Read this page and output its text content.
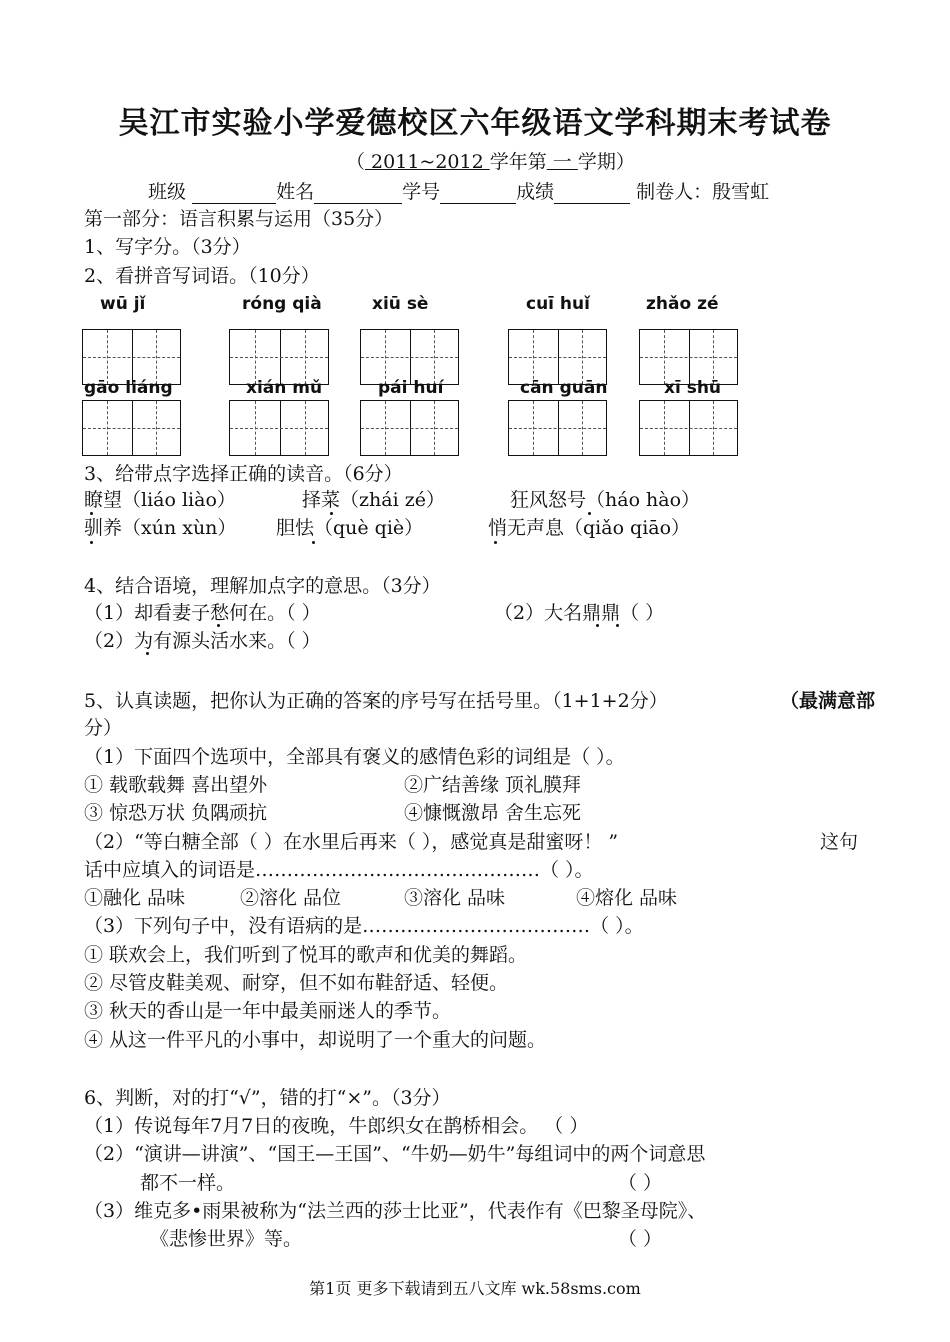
吴江市实验小学爱德校区六年级语文学科期末考试卷
（ 2011~2012 学年第 一 学期）
班级	姓名	学号	成绩	制卷人：殷雪虹
第一部分：语言积累与运用（35分）
1、写字分。（3分）
2、看拼音写词语。（10分）
wū jǐ	róng qià	xiū sè	cuī huǐ	zhǎo zé
gāo liáng	xián mǔ	pái huí	cān guān	xī shū
3、给带点字选择正确的读音。（6分）
瞭望（liáo liào）	择菜（zhái zé）	狂风怒号（háo hào）
驯养（xún xùn） 胆怯（què qiè）	悄无声息（qiǎo qiāo）
4、结合语境，理解加点字的意思。（3分）
（1）却看妻子愁何在。（ ）	（2）大名鼎鼎（ ）
（2）为有源头活水来。（ ）
5、认真读题，把你认为正确的答案的序号写在括号里。（1+1+2分）	（最满意部
分）
（1）下面四个选项中，全部具有褒义的感情色彩的词组是（ ）。
① 载歌载舞 喜出望外	②广结善缘 顶礼膜拜
③ 惊恐万状 负隅顽抗	④慷慨激昂 舍生忘死
（2）“等白糖全部（ ）在水里后再来（ ），感觉真是甜蜜呀！ ”	这句
话中应填入的词语是………………………………………（ ）。
①融化 品味	②溶化 品位	③溶化 品味	④熔化 品味
（3）下列句子中，没有语病的是………………………………（ ）。
① 联欢会上，我们听到了悦耳的歌声和优美的舞蹈。
② 尽管皮鞋美观、耐穿，但不如布鞋舒适、轻便。
③ 秋天的香山是一年中最美丽迷人的季节。
④ 从这一件平凡的小事中，却说明了一个重大的问题。
6、判断，对的打“√”，错的打“×”。（3分）
（1）传说每年7月7日的夜晚，牛郎织女在鹊桥相会。 （ ）
（2）“演讲—讲演”、“国王—王国”、“牛奶—奶牛”每组词中的两个词意思
都不一样。	（ ）
（3）维克多•雨果被称为“法兰西的莎士比亚”，代表作有《巴黎圣母院》、
《悲惨世界》等。	（ ）
第1页 更多下载请到五八文库 wk.58sms.com
